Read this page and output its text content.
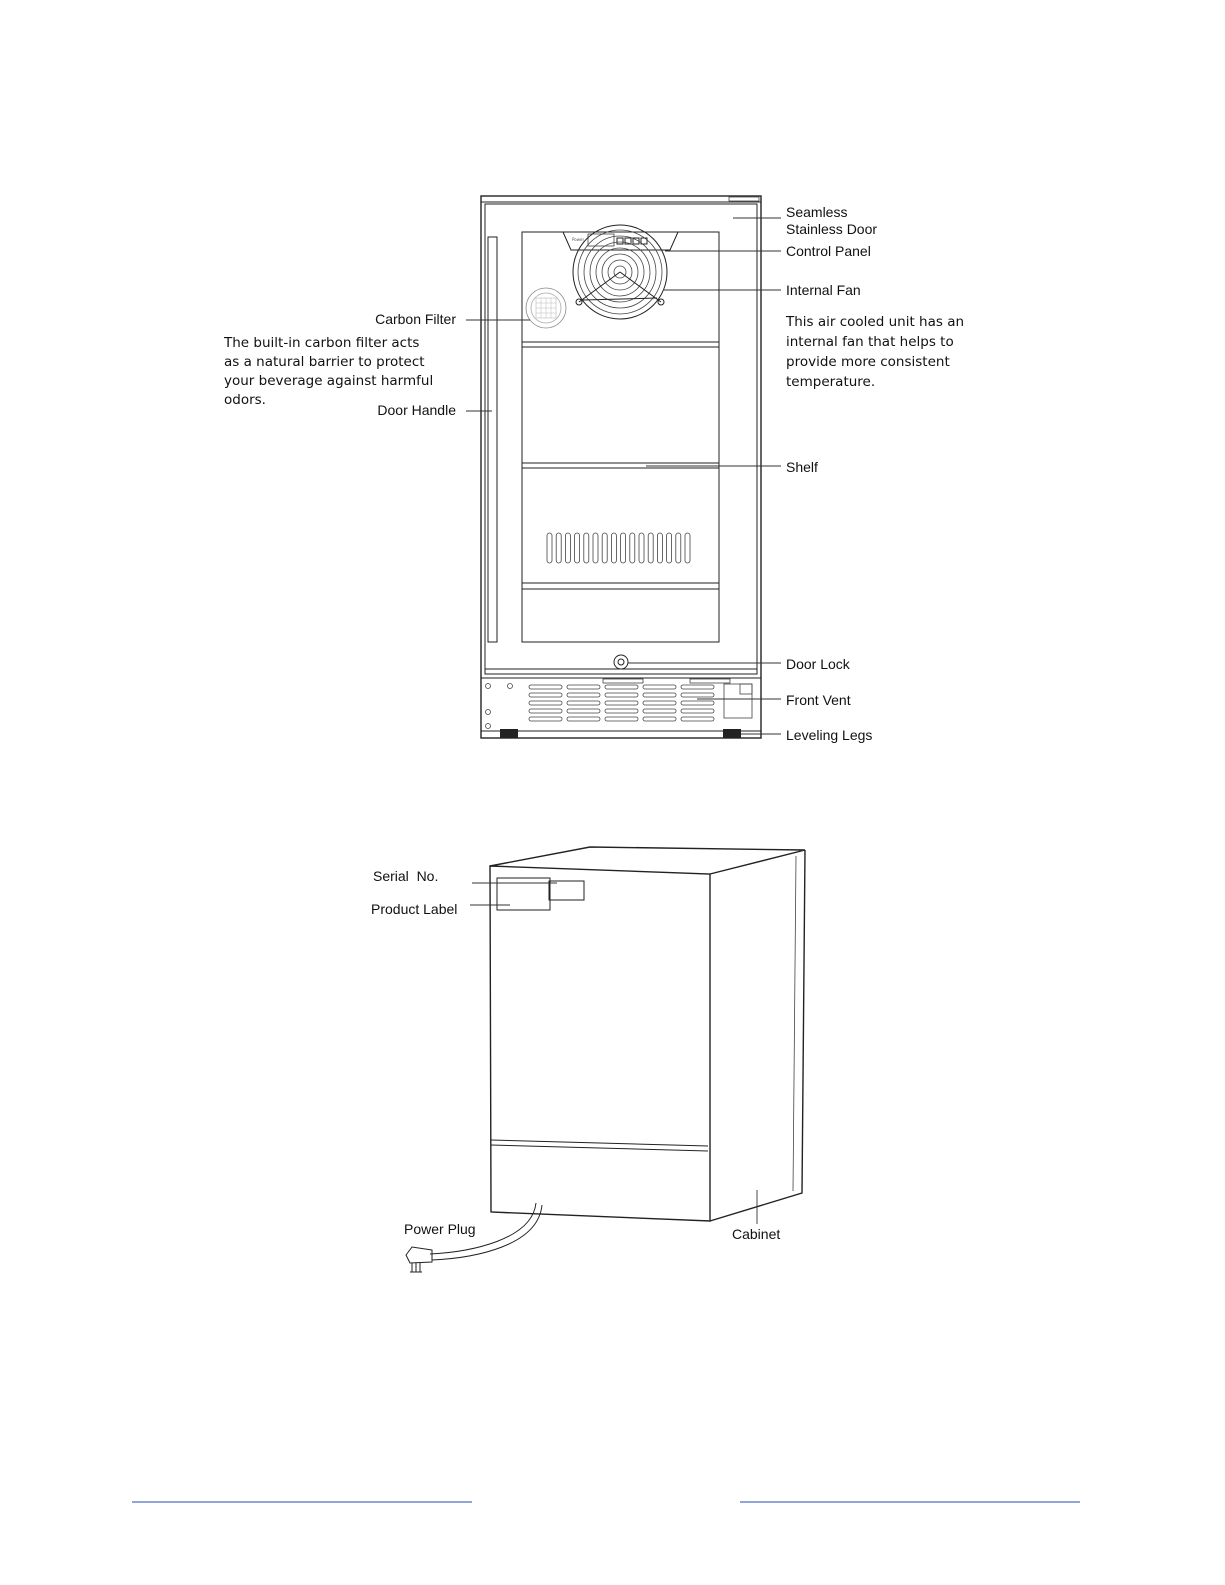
Power
Seamless
Stainless Door
Control Panel
Internal Fan
This air cooled unit has an
internal fan that helps to
provide more consistent
temperature.
Shelf
Door Lock
Front Vent
Leveling Legs
Carbon Filter
The built-in carbon filter acts
as a natural barrier to protect
your beverage against harmful
odors.
Door Handle
Serial  No.
Product Label
Power Plug	Cabinet
